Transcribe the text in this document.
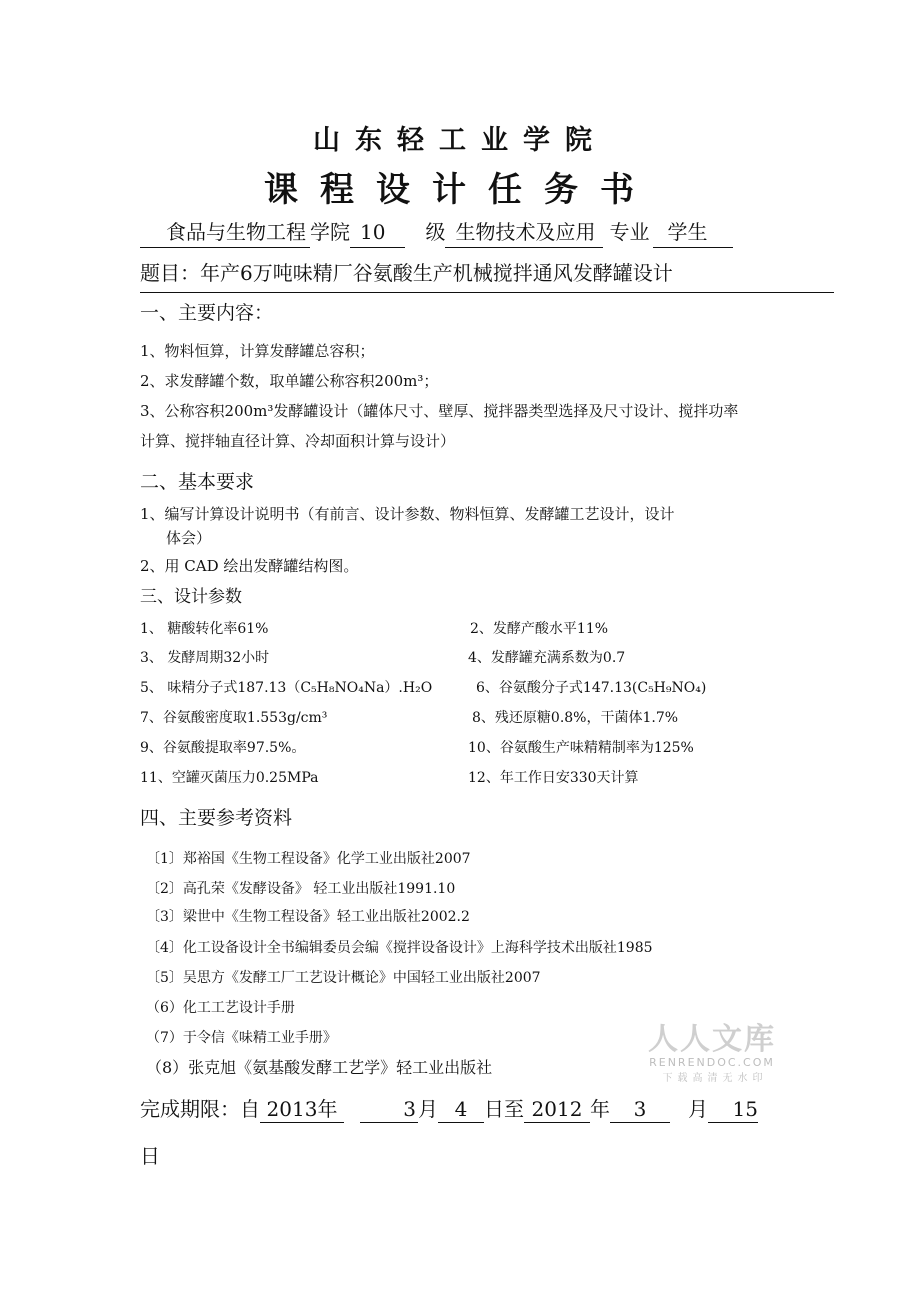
山东轻工业学院
课程设计任务书
食品与生物工程 学院 10 级 生物技术及应用 专业 学生
题目：年产6万吨味精厂谷氨酸生产机械搅拌通风发酵罐设计
一、主要内容：
1、物料恒算，计算发酵罐总容积；
2、求发酵罐个数，取单罐公称容积200m³；
3、公称容积200m³发酵罐设计（罐体尺寸、壁厚、搅拌器类型选择及尺寸设计、搅拌功率
计算、搅拌轴直径计算、冷却面积计算与设计）
二、基本要求
1、编写计算设计说明书（有前言、设计参数、物料恒算、发酵罐工艺设计，设计
体会）
2、用 CAD 绘出发酵罐结构图。
三、设计参数
1、 糖酸转化率61%
3、 发酵周期32小时
5、 味精分子式187.13（C₅H₈NO₄Na）.H₂O
7、谷氨酸密度取1.553g/cm³
9、谷氨酸提取率97.5%。
11、空罐灭菌压力0.25MPa
2、发酵产酸水平11%
4、发酵罐充满系数为0.7
6、谷氨酸分子式147.13(C₅H₉NO₄)
8、残还原糖0.8%，干菌体1.7%
10、谷氨酸生产味精精制率为125%
12、年工作日安330天计算
四、主要参考资料
〔1〕郑裕国《生物工程设备》化学工业出版社2007
〔2〕高孔荣《发酵设备》 轻工业出版社1991.10
〔3〕梁世中《生物工程设备》轻工业出版社2002.2
〔4〕化工设备设计全书编辑委员会编《搅拌设备设计》上海科学技术出版社1985
〔5〕吴思方《发酵工厂工艺设计概论》中国轻工业出版社2007
（6）化工工艺设计手册
（7）于令信《味精工业手册》
（8）张克旭《氨基酸发酵工艺学》轻工业出版社
人人文库
RENRENDOC.COM
下载高清无水印
完成期限：自 2013年	3 月 4 日至 2012 年 3 月 15
日
